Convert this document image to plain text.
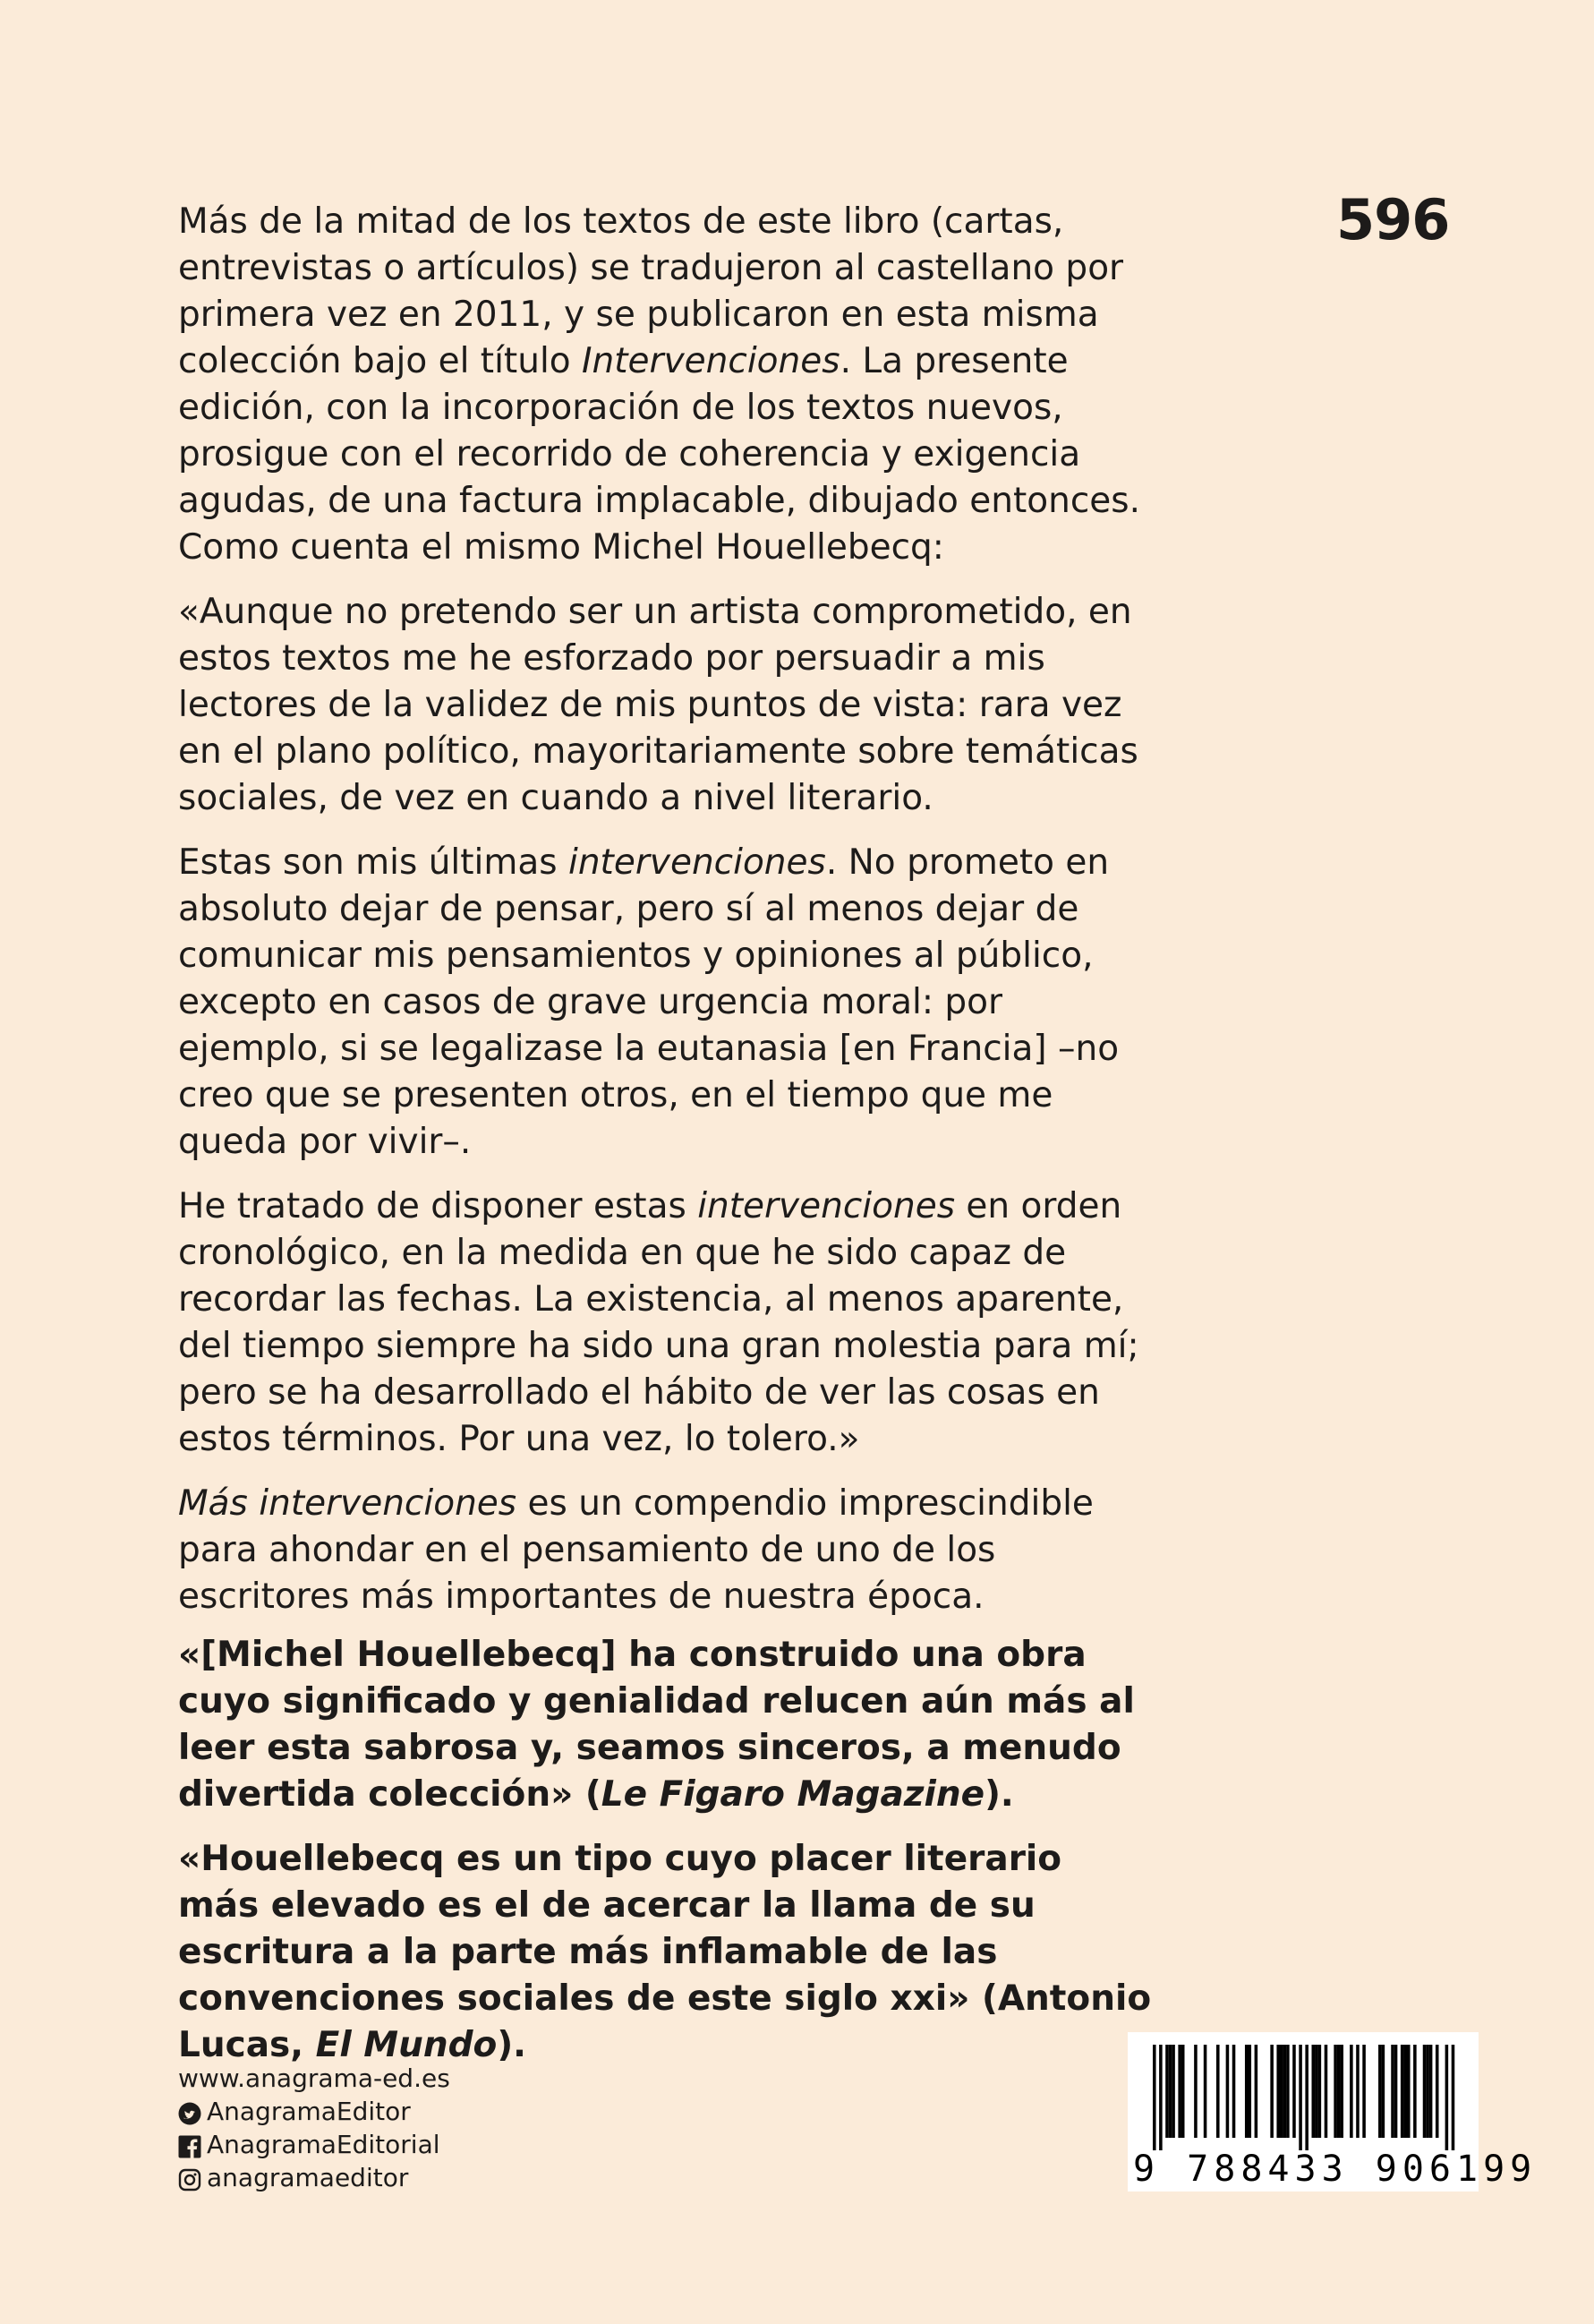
596

Más de la mitad de los textos de este libro (cartas, entrevistas o artículos) se tradujeron al castellano por primera vez en 2011, y se publicaron en esta misma colección bajo el título Intervenciones. La presente edición, con la incorporación de los textos nuevos, prosigue con el recorrido de coherencia y exigencia agudas, de una factura implacable, dibujado entonces. Como cuenta el mismo Michel Houellebecq:

«Aunque no pretendo ser un artista comprometido, en estos textos me he esforzado por persuadir a mis lectores de la validez de mis puntos de vista: rara vez en el plano político, mayoritariamente sobre temáticas sociales, de vez en cuando a nivel literario.

Estas son mis últimas intervenciones. No prometo en absoluto dejar de pensar, pero sí al menos dejar de comunicar mis pensamientos y opiniones al público, excepto en casos de grave urgencia moral: por ejemplo, si se legalizase la eutanasia [en Francia] –no creo que se presenten otros, en el tiempo que me queda por vivir–.

He tratado de disponer estas intervenciones en orden cronológico, en la medida en que he sido capaz de recordar las fechas. La existencia, al menos aparente, del tiempo siempre ha sido una gran molestia para mí; pero se ha desarrollado el hábito de ver las cosas en estos términos. Por una vez, lo tolero.»

Más intervenciones es un compendio imprescindible para ahondar en el pensamiento de uno de los escritores más importantes de nuestra época.

«[Michel Houellebecq] ha construido una obra cuyo significado y genialidad relucen aún más al leer esta sabrosa y, seamos sinceros, a menudo divertida colección» (Le Figaro Magazine).

«Houellebecq es un tipo cuyo placer literario más elevado es el de acercar la llama de su escritura a la parte más inflamable de las convenciones sociales de este siglo xxi» (Antonio Lucas, El Mundo).

www.anagrama-ed.es
AnagramaEditor
AnagramaEditorial
anagramaeditor	9 788433 906199
